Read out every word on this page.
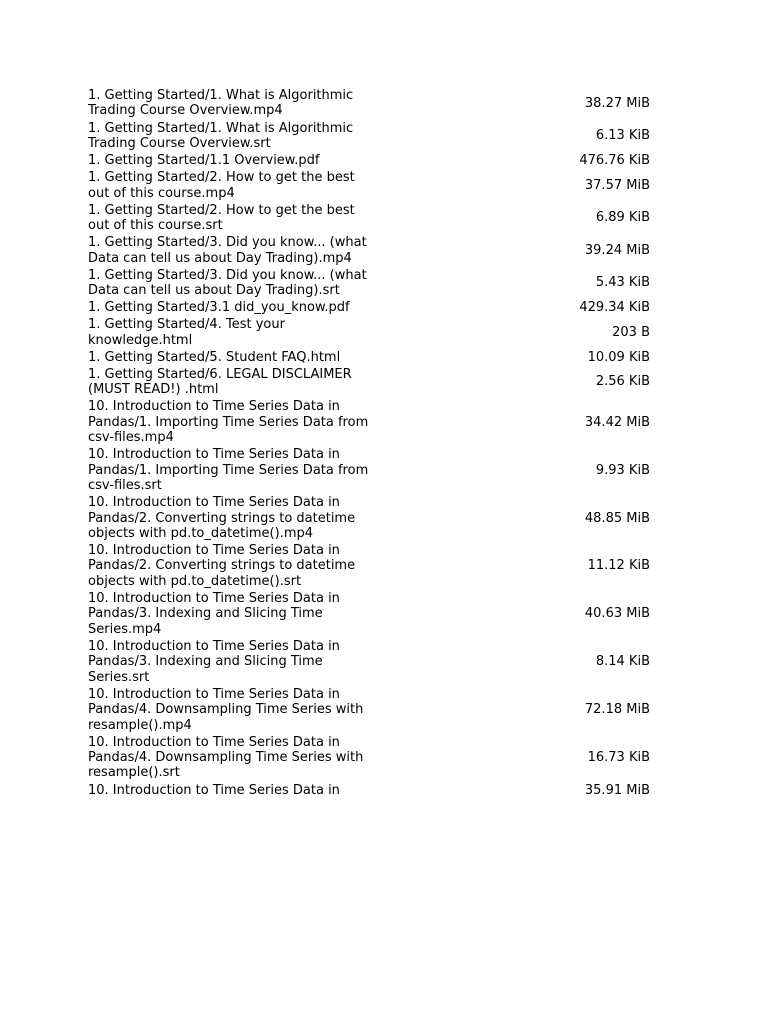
1. Getting Started/1. What is Algorithmic Trading Course Overview.mp4	38.27 MiB
1. Getting Started/1. What is Algorithmic Trading Course Overview.srt	6.13 KiB
1. Getting Started/1.1 Overview.pdf	476.76 KiB
1. Getting Started/2. How to get the best out of this course.mp4	37.57 MiB
1. Getting Started/2. How to get the best out of this course.srt	6.89 KiB
1. Getting Started/3. Did you know... (what Data can tell us about Day Trading).mp4	39.24 MiB
1. Getting Started/3. Did you know... (what Data can tell us about Day Trading).srt	5.43 KiB
1. Getting Started/3.1 did_you_know.pdf	429.34 KiB
1. Getting Started/4. Test your knowledge.html	203 B
1. Getting Started/5. Student FAQ.html	10.09 KiB
1. Getting Started/6. LEGAL DISCLAIMER (MUST READ!) .html	2.56 KiB
10. Introduction to Time Series Data in Pandas/1. Importing Time Series Data from csv-files.mp4	34.42 MiB
10. Introduction to Time Series Data in Pandas/1. Importing Time Series Data from csv-files.srt	9.93 KiB
10. Introduction to Time Series Data in Pandas/2. Converting strings to datetime objects with pd.to_datetime().mp4	48.85 MiB
10. Introduction to Time Series Data in Pandas/2. Converting strings to datetime objects with pd.to_datetime().srt	11.12 KiB
10. Introduction to Time Series Data in Pandas/3. Indexing and Slicing Time Series.mp4	40.63 MiB
10. Introduction to Time Series Data in Pandas/3. Indexing and Slicing Time Series.srt	8.14 KiB
10. Introduction to Time Series Data in Pandas/4. Downsampling Time Series with resample().mp4	72.18 MiB
10. Introduction to Time Series Data in Pandas/4. Downsampling Time Series with resample().srt	16.73 KiB
10. Introduction to Time Series Data in	35.91 MiB
